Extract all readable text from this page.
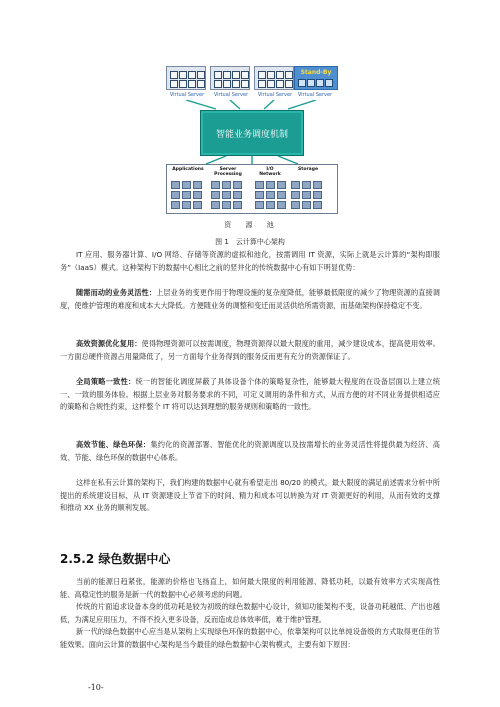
Virtual Server	Virtual Server	Virtual Server
Stand-By
Virtual Server
智能业务调度机制
Applications	Server Processing
I/O Network
Storage
资 源 池
图 1　云计算中心架构
IT 应用、服务器计算、I/O 网络、存储等资源的虚拟和池化，按需调用 IT 资源，实际上就是云计算的“架构即服务”（IaaS）模式。这种架构下的数据中心相比之前的竖井化的传统数据中心有如下明显优势：
随需而动的业务灵活性：上层业务的变更作用于物理设施的复杂度降低，能够最低限度的减少了物理资源的直接调度，使维护管理的难度和成本大大降低。方便随业务的调整和变迁而灵活供给所需资源，而基础架构保持稳定不变。
高效资源优化复用：使得物理资源可以按需调度，物理资源得以最大限度的重用，减少建设成本，提高使用效率。一方面总硬件资源占用量降低了，另一方面每个业务得到的服务反而更有充分的资源保证了。
全局策略一致性：统一的智能化调度屏蔽了具体设备个体的策略复杂性，能够最大程度的在设备层面以上建立统一、一致的服务体验。根据上层业务对服务要求的不同，可定义调用的条件和方式，从而方便的对不同业务提供相适应的策略和合规性约束，这样整个 IT 将可以达到理想的服务规则和策略的一致性。
高效节能、绿色环保：集约化的资源部署、智能优化的资源调度以及按需增长的业务灵活性将提供最为经济、高效、节能、绿色环保的数据中心体系。
这样在私有云计算的架构下，我们构建的数据中心就有希望走出 80/20 的模式，最大限度的满足前述需求分析中所提出的系统建设目标，从 IT 资源建设上节省下的时间、精力和成本可以转换为对 IT 资源更好的利用，从而有效的支撑和推动 XX 业务的顺利发展。
2.5.2 绿色数据中心
当前的能源日趋紧张，能源的价格也飞扬直上，如何最大限度的利用能源、降低功耗，以最有效率方式实现高性能、高稳定性的服务是新一代的数据中心必须考虑的问题。
传统的片面追求设备本身的低功耗是较为初级的绿色数据中心设计，须知功能架构不变，设备功耗越低、产出也越低，为满足应用压力，不得不投入更多设备，反而造成总体效率低，难于维护管理。
新一代的绿色数据中心应当是从架构上实现绿色环保的数据中心，依靠架构可以比单纯设备级的方式取得更佳的节能效果。面向云计算的数据中心架构是当今最佳的绿色数据中心架构模式，主要有如下原因：
-10-
